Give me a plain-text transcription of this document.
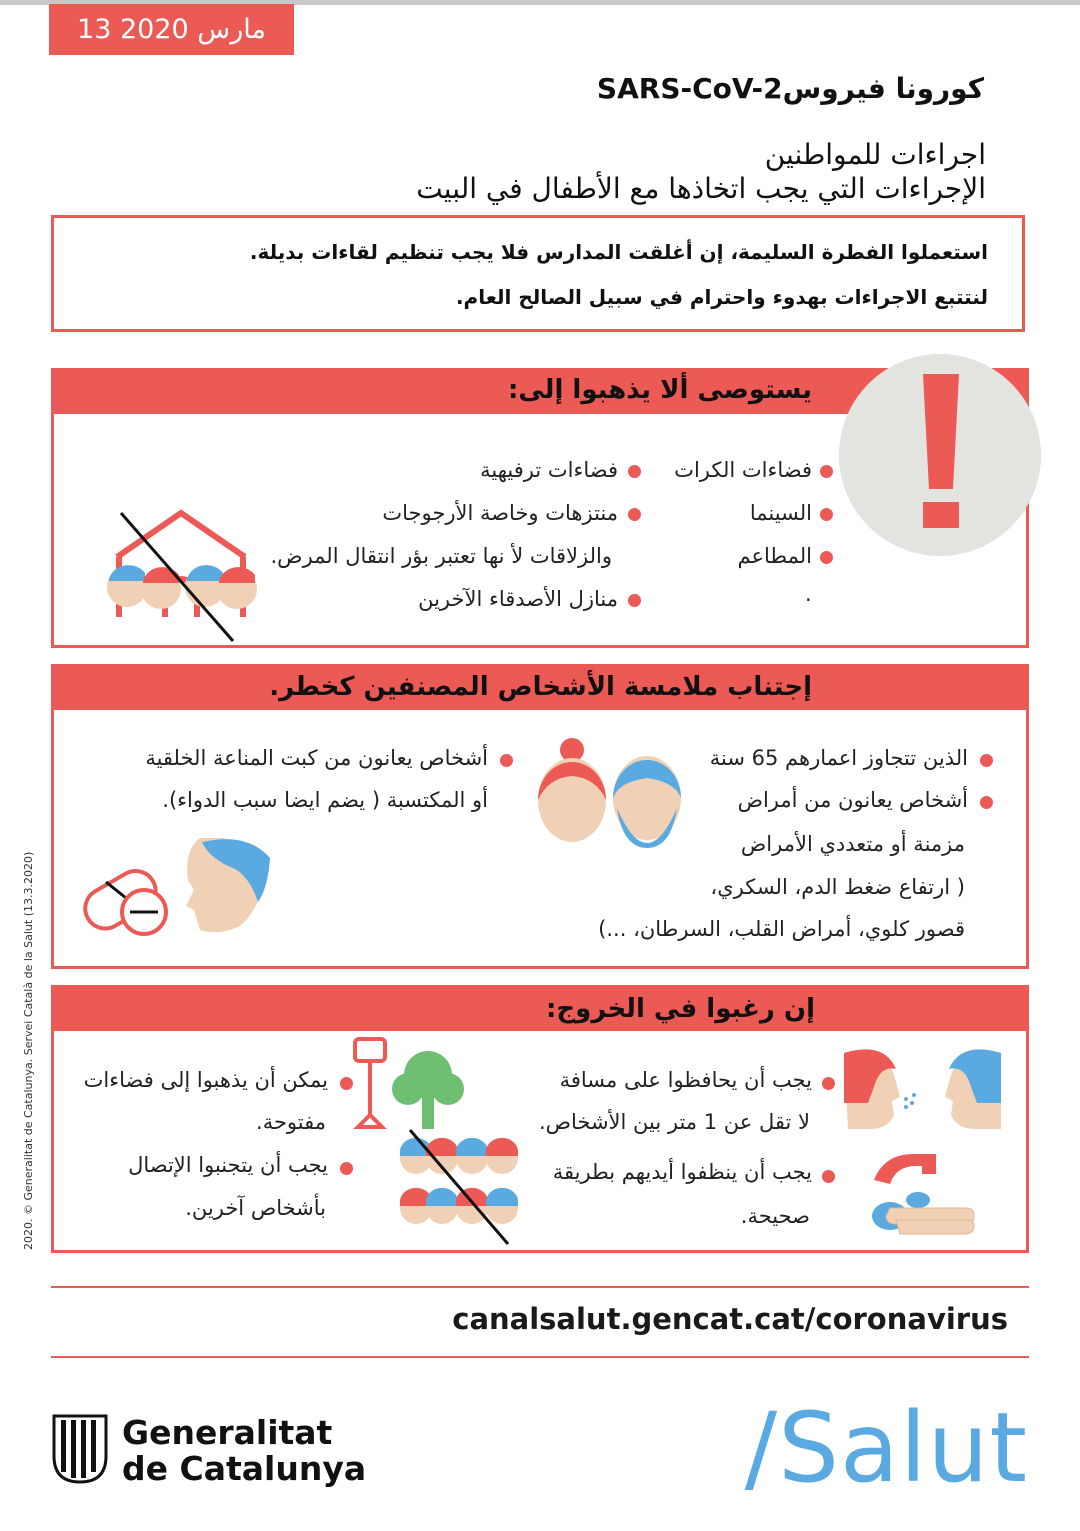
13 مارس 2020
كورونا فيروسSARS-CoV-2
اجراءات للمواطنين
الإجراءات التي يجب اتخاذها مع الأطفال في البيت
استعملوا الفطرة السليمة، إن أغلقت المدارس فلا يجب تنظيم لقاءات بديلة.
لنتتبع الاجراءات بهدوء واحترام في سبيل الصالح العام.
يستوصى ألا يذهبوا إلى:
فضاءات الكرات
السينما
المطاعم
.
فضاءات ترفيهية
منتزهات وخاصة الأرجوجات
والزلاقات لأ نها تعتبر بؤر انتقال المرض.
منازل الأصدقاء الآخرين
إجتناب ملامسة الأشخاص المصنفين كخطر.
الذين تتجاوز اعمارهم 65 سنة
أشخاص يعانون من أمراض
مزمنة أو متعددي الأمراض
( ارتفاع ضغط الدم، السكري،
قصور كلوي، أمراض القلب، السرطان، ...)
أشخاص يعانون من كبت المناعة الخلقية
أو المكتسبة ( يضم ايضا سبب الدواء).
إن رغبوا في الخروج:
يجب أن يحافظوا على مسافة
لا تقل عن 1 متر بين الأشخاص.
يجب أن ينظفوا أيديهم بطريقة
صحيحة.
يمكن أن يذهبوا إلى فضاءات
مفتوحة.
يجب أن يتجنبوا الإتصال
بأشخاص آخرين.
canalsalut.gencat.cat/coronavirus
Generalitat
de Catalunya	/Salut
2020. © Generalitat de Catalunya. Servei Català de la Salut (13.3.2020)
